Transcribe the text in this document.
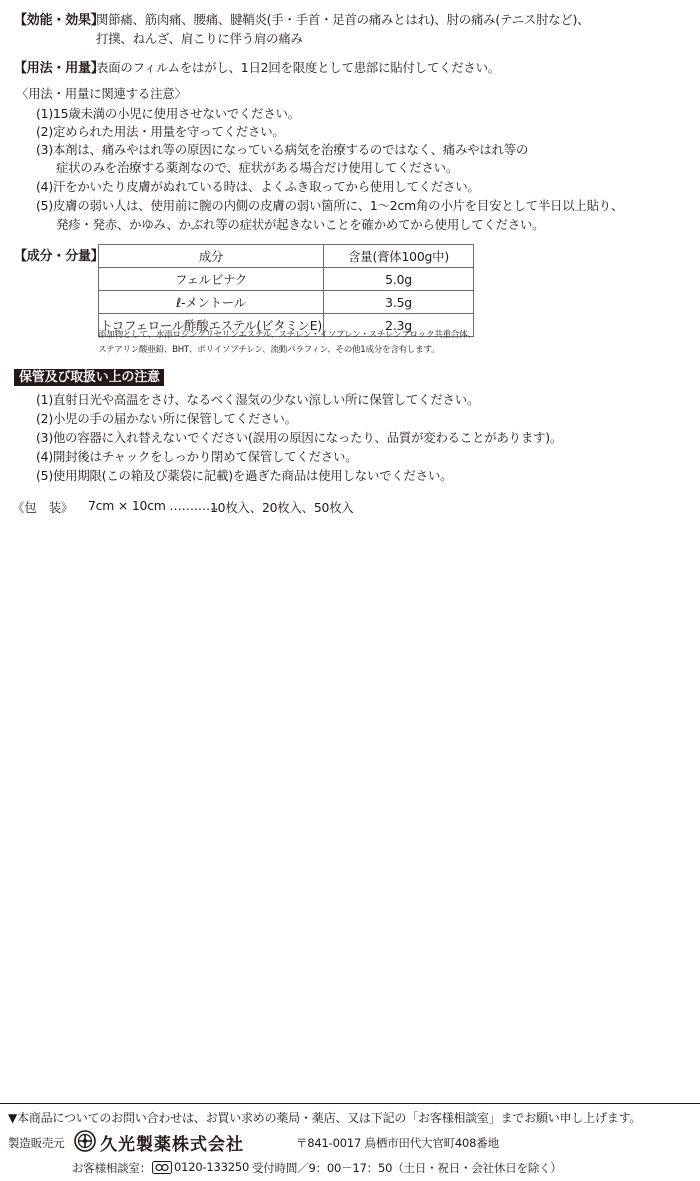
【効能・効果】
関節痛、筋肉痛、腰痛、腱鞘炎(手・手首・足首の痛みとはれ)、肘の痛み(テニス肘など)、
打撲、ねんざ、肩こりに伴う肩の痛み
【用法・用量】
表面のフィルムをはがし、1日2回を限度として患部に貼付してください。
〈用法・用量に関連する注意〉
(1)15歳未満の小児に使用させないでください。
(2)定められた用法・用量を守ってください。
(3)本剤は、痛みやはれ等の原因になっている病気を治療するのではなく、痛みやはれ等の
症状のみを治療する薬剤なので、症状がある場合だけ使用してください。
(4)汗をかいたり皮膚がぬれている時は、よくふき取ってから使用してください。
(5)皮膚の弱い人は、使用前に腕の内側の皮膚の弱い箇所に、1～2cm角の小片を目安として半日以上貼り、
発疹・発赤、かゆみ、かぶれ等の症状が起きないことを確かめてから使用してください。
【成分・分量】	成分	含量(膏体100g中)
フェルビナク	5.0g
ℓ-メントール	3.5g
トコフェロール酢酸エステル(ビタミンE)	2.3g
添加物として、水添ロジングリセリンエステル、スチレン・イソプレン・スチレンブロック共重合体、
ステアリン酸亜鉛、BHT、ポリイソブチレン、流動パラフィン、その他1成分を含有します。
保管及び取扱い上の注意
(1)直射日光や高温をさけ、なるべく湿気の少ない涼しい所に保管してください。
(2)小児の手の届かない所に保管してください。
(3)他の容器に入れ替えないでください(誤用の原因になったり、品質が変わることがあります)。
(4)開封後はチャックをしっかり閉めて保管してください。
(5)使用期限(この箱及び薬袋に記載)を過ぎた商品は使用しないでください。
《包　装》 7cm × 10cm …………
10枚入、20枚入、50枚入
▼本商品についてのお問い合わせは、お買い求めの薬局・薬店、又は下記の「お客様相談室」までお願い申し上げます。
製造販売元 久光製薬株式会社	〒841-0017 鳥栖市田代大官町408番地
お客様相談室： 0120-133250 受付時間／9：00－17：50（土日・祝日・会社休日を除く）
